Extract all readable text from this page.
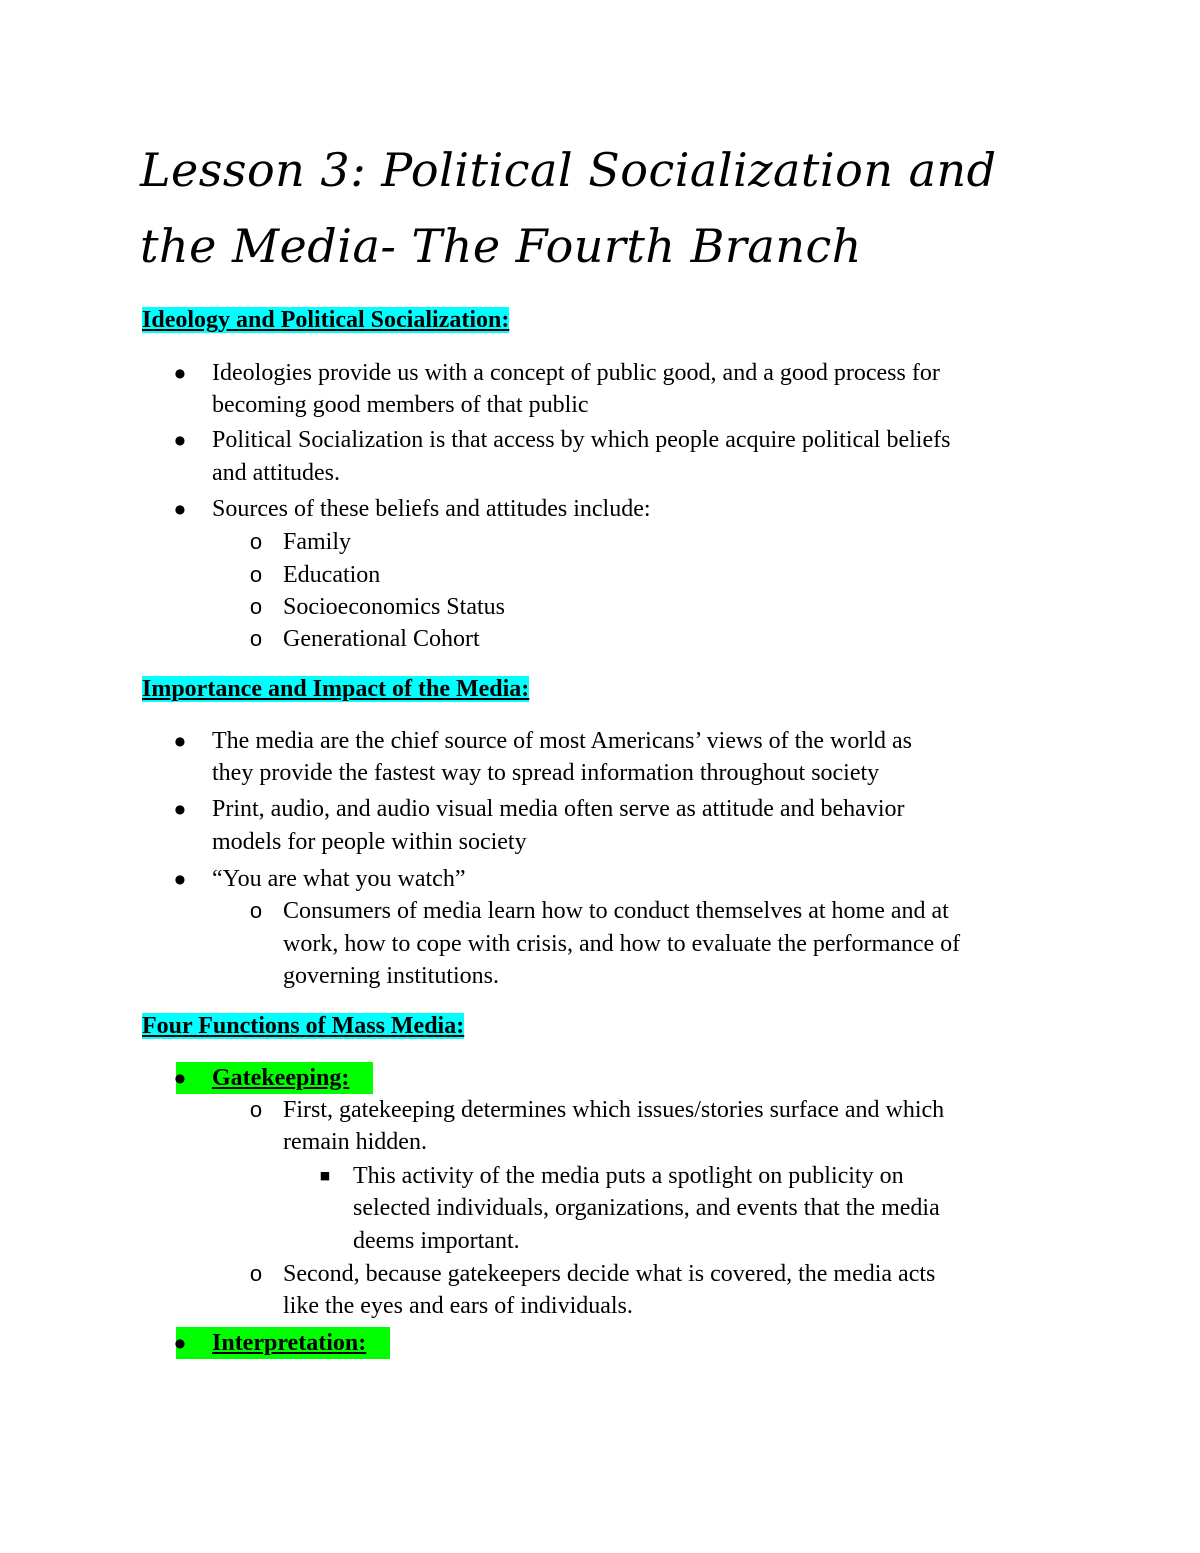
Lesson 3: Political Socialization and
the Media- The Fourth Branch
Ideology and Political Socialization:
● Ideologies provide us with a concept of public good, and a good process for
becoming good members of that public
● Political Socialization is that access by which people acquire political beliefs
and attitudes.
● Sources of these beliefs and attitudes include:
o Family
o Education
o Socioeconomics Status
o Generational Cohort
Importance and Impact of the Media:
● The media are the chief source of most Americans’ views of the world as
they provide the fastest way to spread information throughout society
● Print, audio, and audio visual media often serve as attitude and behavior
models for people within society
● “You are what you watch”
o Consumers of media learn how to conduct themselves at home and at
work, how to cope with crisis, and how to evaluate the performance of
governing institutions.
Four Functions of Mass Media:
● Gatekeeping:
o First, gatekeeping determines which issues/stories surface and which
remain hidden.
■ This activity of the media puts a spotlight on publicity on
selected individuals, organizations, and events that the media
deems important.
o Second, because gatekeepers decide what is covered, the media acts
like the eyes and ears of individuals.
● Interpretation:
